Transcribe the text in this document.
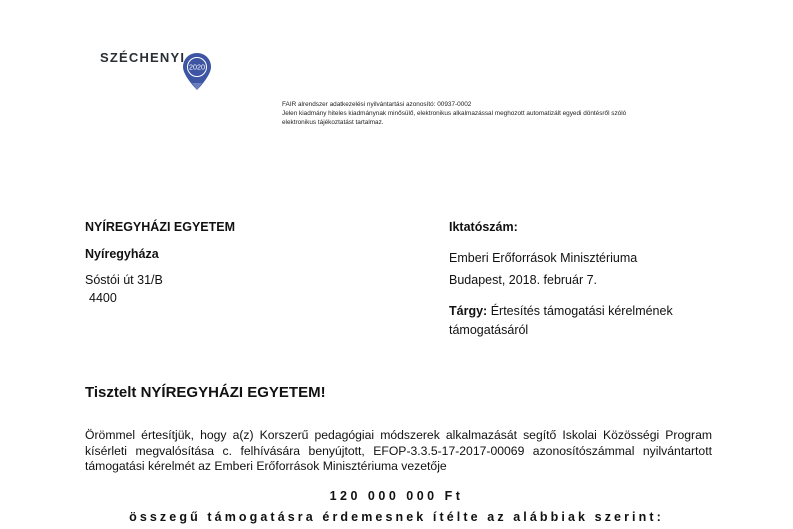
SZÉCHENYI
2020
FAIR alrendszer adatkezelési nyilvántartási azonosító: 00937-0002
Jelen kiadmány hiteles kiadmánynak minősülő, elektronikus alkalmazással meghozott automatizált egyedi döntésről szóló
elektronikus tájékoztatást tartalmaz.
NYÍREGYHÁZI EGYETEM
Nyíregyháza
Sóstói út 31/B
4400
Iktatószám:
Emberi Erőforrások Minisztériuma
Budapest, 2018. február 7.
Tárgy: Értesítés támogatási kérelmének
támogatásáról
Tisztelt NYÍREGYHÁZI EGYETEM!
Örömmel értesítjük, hogy a(z) Korszerű pedagógiai módszerek alkalmazását segítő Iskolai Közösségi Program kísérleti megvalósítása c. felhívására benyújtott, EFOP-3.3.5-17-2017-00069 azonosítószámmal nyilvántartott támogatási kérelmét az Emberi Erőforrások Minisztériuma vezetője
120 000 000 Ft
összegű támogatásra érdemesnek ítélte az alábbiak szerint:
